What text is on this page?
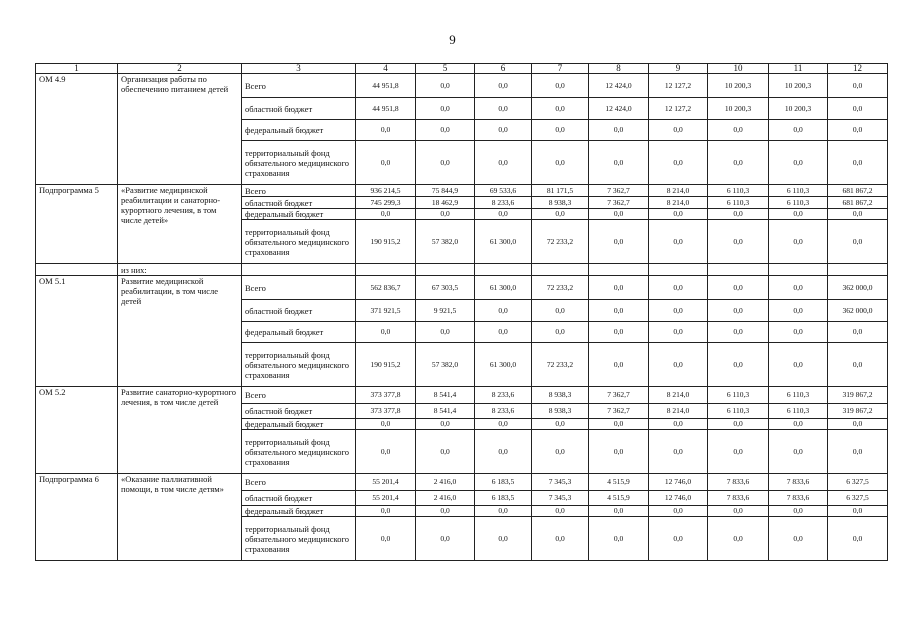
9
1	2	3	4	5	6	7	8	9	10	11	12
ОМ 4.9	Организация работы по обеспечению питанием детей	Всего	44 951,8	0,0	0,0	0,0	12 424,0	12 127,2	10 200,3	10 200,3	0,0
		областной бюджет	44 951,8	0,0	0,0	0,0	12 424,0	12 127,2	10 200,3	10 200,3	0,0
		федеральный бюджет	0,0	0,0	0,0	0,0	0,0	0,0	0,0	0,0	0,0
		территориальный фонд обязательного медицинского страхования	0,0	0,0	0,0	0,0	0,0	0,0	0,0	0,0	0,0
Подпрограмма 5	«Развитие медицинской реабилитации и санаторно-курортного лечения, в том числе детей»	Всего	936 214,5	75 844,9	69 533,6	81 171,5	7 362,7	8 214,0	6 110,3	6 110,3	681 867,2
		областной бюджет	745 299,3	18 462,9	8 233,6	8 938,3	7 362,7	8 214,0	6 110,3	6 110,3	681 867,2
		федеральный бюджет	0,0	0,0	0,0	0,0	0,0	0,0	0,0	0,0	0,0
		территориальный фонд обязательного медицинского страхования	190 915,2	57 382,0	61 300,0	72 233,2	0,0	0,0	0,0	0,0	0,0
	из них:										
ОМ 5.1	Развитие медицинской реабилитации, в том числе детей	Всего	562 836,7	67 303,5	61 300,0	72 233,2	0,0	0,0	0,0	0,0	362 000,0
		областной бюджет	371 921,5	9 921,5	0,0	0,0	0,0	0,0	0,0	0,0	362 000,0
		федеральный бюджет	0,0	0,0	0,0	0,0	0,0	0,0	0,0	0,0	0,0
		территориальный фонд обязательного медицинского страхования	190 915,2	57 382,0	61 300,0	72 233,2	0,0	0,0	0,0	0,0	0,0
ОМ 5.2	Развитие санаторно-курортного лечения, в том числе детей	Всего	373 377,8	8 541,4	8 233,6	8 938,3	7 362,7	8 214,0	6 110,3	6 110,3	319 867,2
		областной бюджет	373 377,8	8 541,4	8 233,6	8 938,3	7 362,7	8 214,0	6 110,3	6 110,3	319 867,2
		федеральный бюджет	0,0	0,0	0,0	0,0	0,0	0,0	0,0	0,0	0,0
		территориальный фонд обязательного медицинского страхования	0,0	0,0	0,0	0,0	0,0	0,0	0,0	0,0	0,0
Подпрограмма 6	«Оказание паллиативной помощи, в том числе детям»	Всего	55 201,4	2 416,0	6 183,5	7 345,3	4 515,9	12 746,0	7 833,6	7 833,6	6 327,5
		областной бюджет	55 201,4	2 416,0	6 183,5	7 345,3	4 515,9	12 746,0	7 833,6	7 833,6	6 327,5
		федеральный бюджет	0,0	0,0	0,0	0,0	0,0	0,0	0,0	0,0	0,0
		территориальный фонд обязательного медицинского страхования	0,0	0,0	0,0	0,0	0,0	0,0	0,0	0,0	0,0
